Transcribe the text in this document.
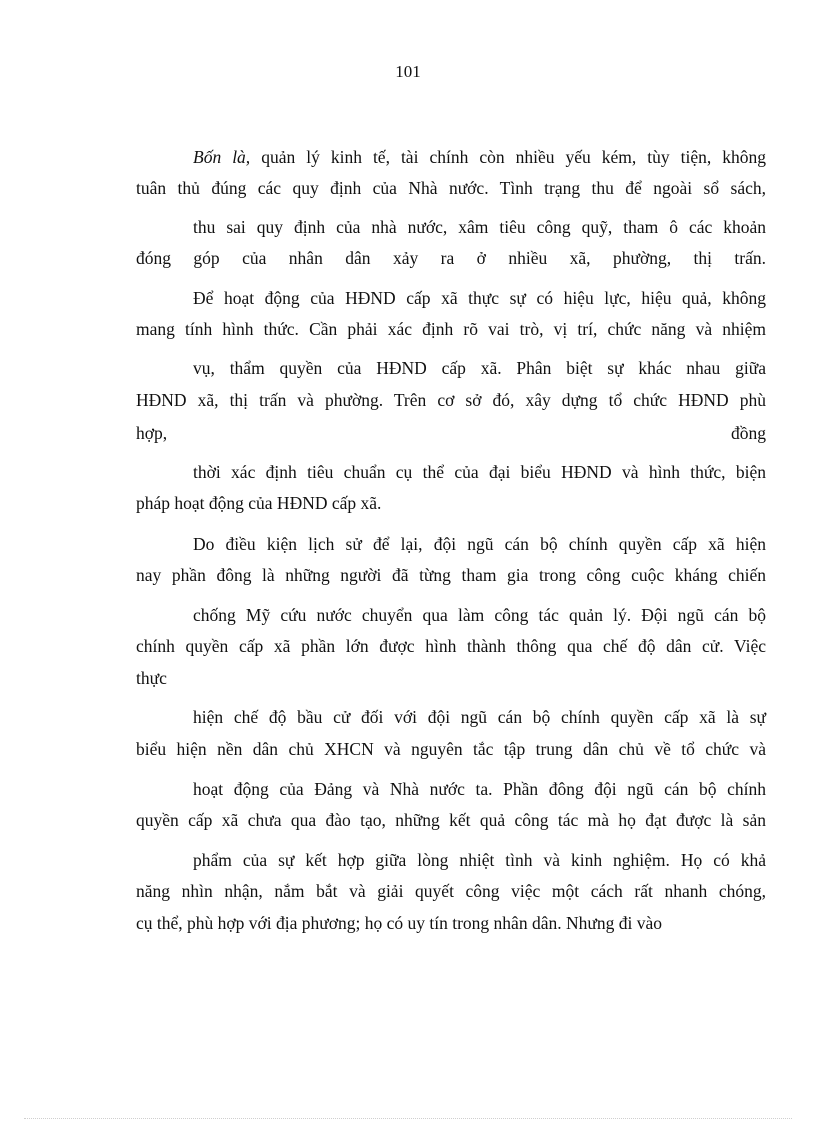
101
Bốn là, quản lý kinh tế, tài chính còn nhiều yếu kém, tùy tiện, không
tuân thủ đúng các quy định của Nhà nước. Tình trạng thu để ngoài sổ sách,
thu sai quy định của nhà nước, xâm tiêu công quỹ, tham ô các khoản
đóng góp của nhân dân xảy ra ở nhiều xã, phường, thị trấn.
Để hoạt động của HĐND cấp xã thực sự có hiệu lực, hiệu quả, không
mang tính hình thức. Cần phải xác định rõ vai trò, vị trí, chức năng và nhiệm
vụ, thẩm quyền của HĐND cấp xã. Phân biệt sự khác nhau giữa
HĐND xã, thị trấn và phường. Trên cơ sở đó, xây dựng tổ chức HĐND phù
hợp,	đồng
thời xác định tiêu chuẩn cụ thể của đại biểu HĐND và hình thức, biện
pháp hoạt động của HĐND cấp xã.
Do điều kiện lịch sử để lại, đội ngũ cán bộ chính quyền cấp xã hiện
nay phần đông là những người đã từng tham gia trong công cuộc kháng chiến
chống Mỹ cứu nước chuyển qua làm công tác quản lý. Đội ngũ cán bộ
chính quyền cấp xã phần lớn được hình thành thông qua chế độ dân cử. Việc
thực
hiện chế độ bầu cử đối với đội ngũ cán bộ chính quyền cấp xã là sự
biểu hiện nền dân chủ XHCN và nguyên tắc tập trung dân chủ về tổ chức và
hoạt động của Đảng và Nhà nước ta. Phần đông đội ngũ cán bộ chính
quyền cấp xã chưa qua đào tạo, những kết quả công tác mà họ đạt được là sản
phẩm của sự kết hợp giữa lòng nhiệt tình và kinh nghiệm. Họ có khả
năng nhìn nhận, nắm bắt và giải quyết công việc một cách rất nhanh chóng,
cụ thể, phù hợp với địa phương; họ có uy tín trong nhân dân. Nhưng đi vào
